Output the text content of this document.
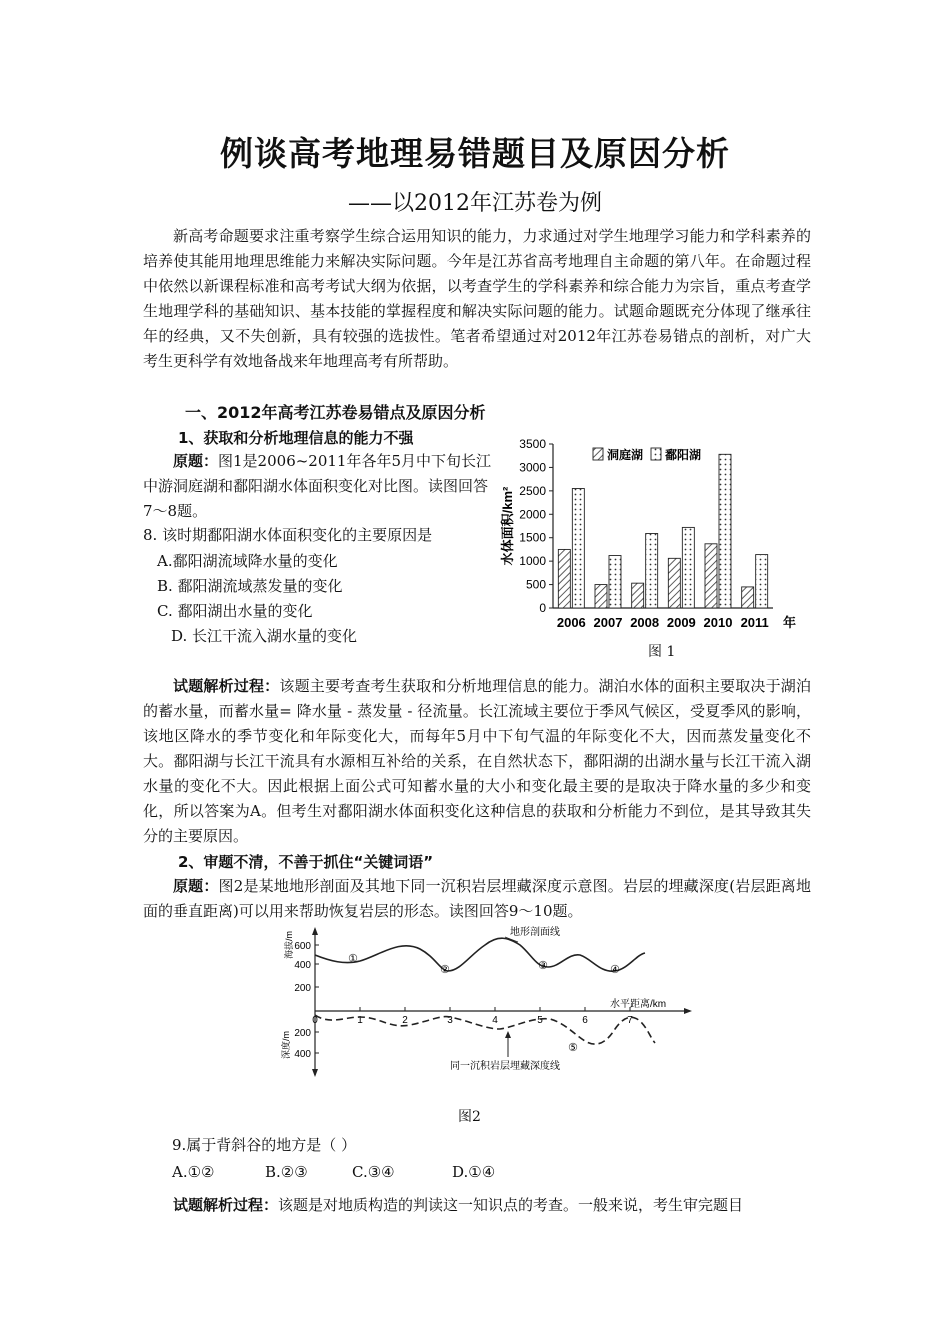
例谈高考地理易错题目及原因分析
——以2012年江苏卷为例
新高考命题要求注重考察学生综合运用知识的能力，力求通过对学生地理学习能力和学科素养的培养使其能用地理思维能力来解决实际问题。今年是江苏省高考地理自主命题的第八年。在命题过程中依然以新课程标准和高考考试大纲为依据，以考查学生的学科素养和综合能力为宗旨，重点考查学生地理学科的基础知识、基本技能的掌握程度和解决实际问题的能力。试题命题既充分体现了继承往年的经典，又不失创新，具有较强的选拔性。笔者希望通过对2012年江苏卷易错点的剖析，对广大考生更科学有效地备战来年地理高考有所帮助。
一、2012年高考江苏卷易错点及原因分析
1、获取和分析地理信息的能力不强
原题：图1是2006~2011年各年5月中下旬长江中游洞庭湖和鄱阳湖水体面积变化对比图。读图回答7～8题。
8. 该时期鄱阳湖水体面积变化的主要原因是
A.鄱阳湖流域降水量的变化
B. 鄱阳湖流域蒸发量的变化
C. 鄱阳湖出水量的变化
D. 长江干流入湖水量的变化
0
500
1000
1500
2000
2500
3000
3500
水体面积/km²
2006 2007 2008 2009 2010 2011 年
洞庭湖 鄱阳湖
图 1
试题解析过程：该题主要考查考生获取和分析地理信息的能力。湖泊水体的面积主要取决于湖泊的蓄水量，而蓄水量= 降水量 - 蒸发量 - 径流量。长江流域主要位于季风气候区，受夏季风的影响，该地区降水的季节变化和年际变化大，而每年5月中下旬气温的年际变化不大，因而蒸发量变化不大。鄱阳湖与长江干流具有水源相互补给的关系，在自然状态下，鄱阳湖的出湖水量与长江干流入湖水量的变化不大。因此根据上面公式可知蓄水量的大小和变化最主要的是取决于降水量的多少和变化，所以答案为A。但考生对鄱阳湖水体面积变化这种信息的获取和分析能力不到位，是其导致其失分的主要原因。
2、审题不清，不善于抓住“关键词语”
原题：图2是某地地形剖面及其地下同一沉积岩层埋藏深度示意图。岩层的埋藏深度(岩层距离地面的垂直距离)可以用来帮助恢复岩层的形态。读图回答9～10题。
600
400
200
200
400
0	1	2	3	4	5	6	7
地形剖面线
同一沉积岩层埋藏深度线
水平距离/km
海拔/m
深度/m
①
②	③	④
⑤
图2
9.属于背斜谷的地方是（ ）
A.①②	B.②③	C.③④	D.①④
试题解析过程：该题是对地质构造的判读这一知识点的考查。一般来说，考生审完题目
